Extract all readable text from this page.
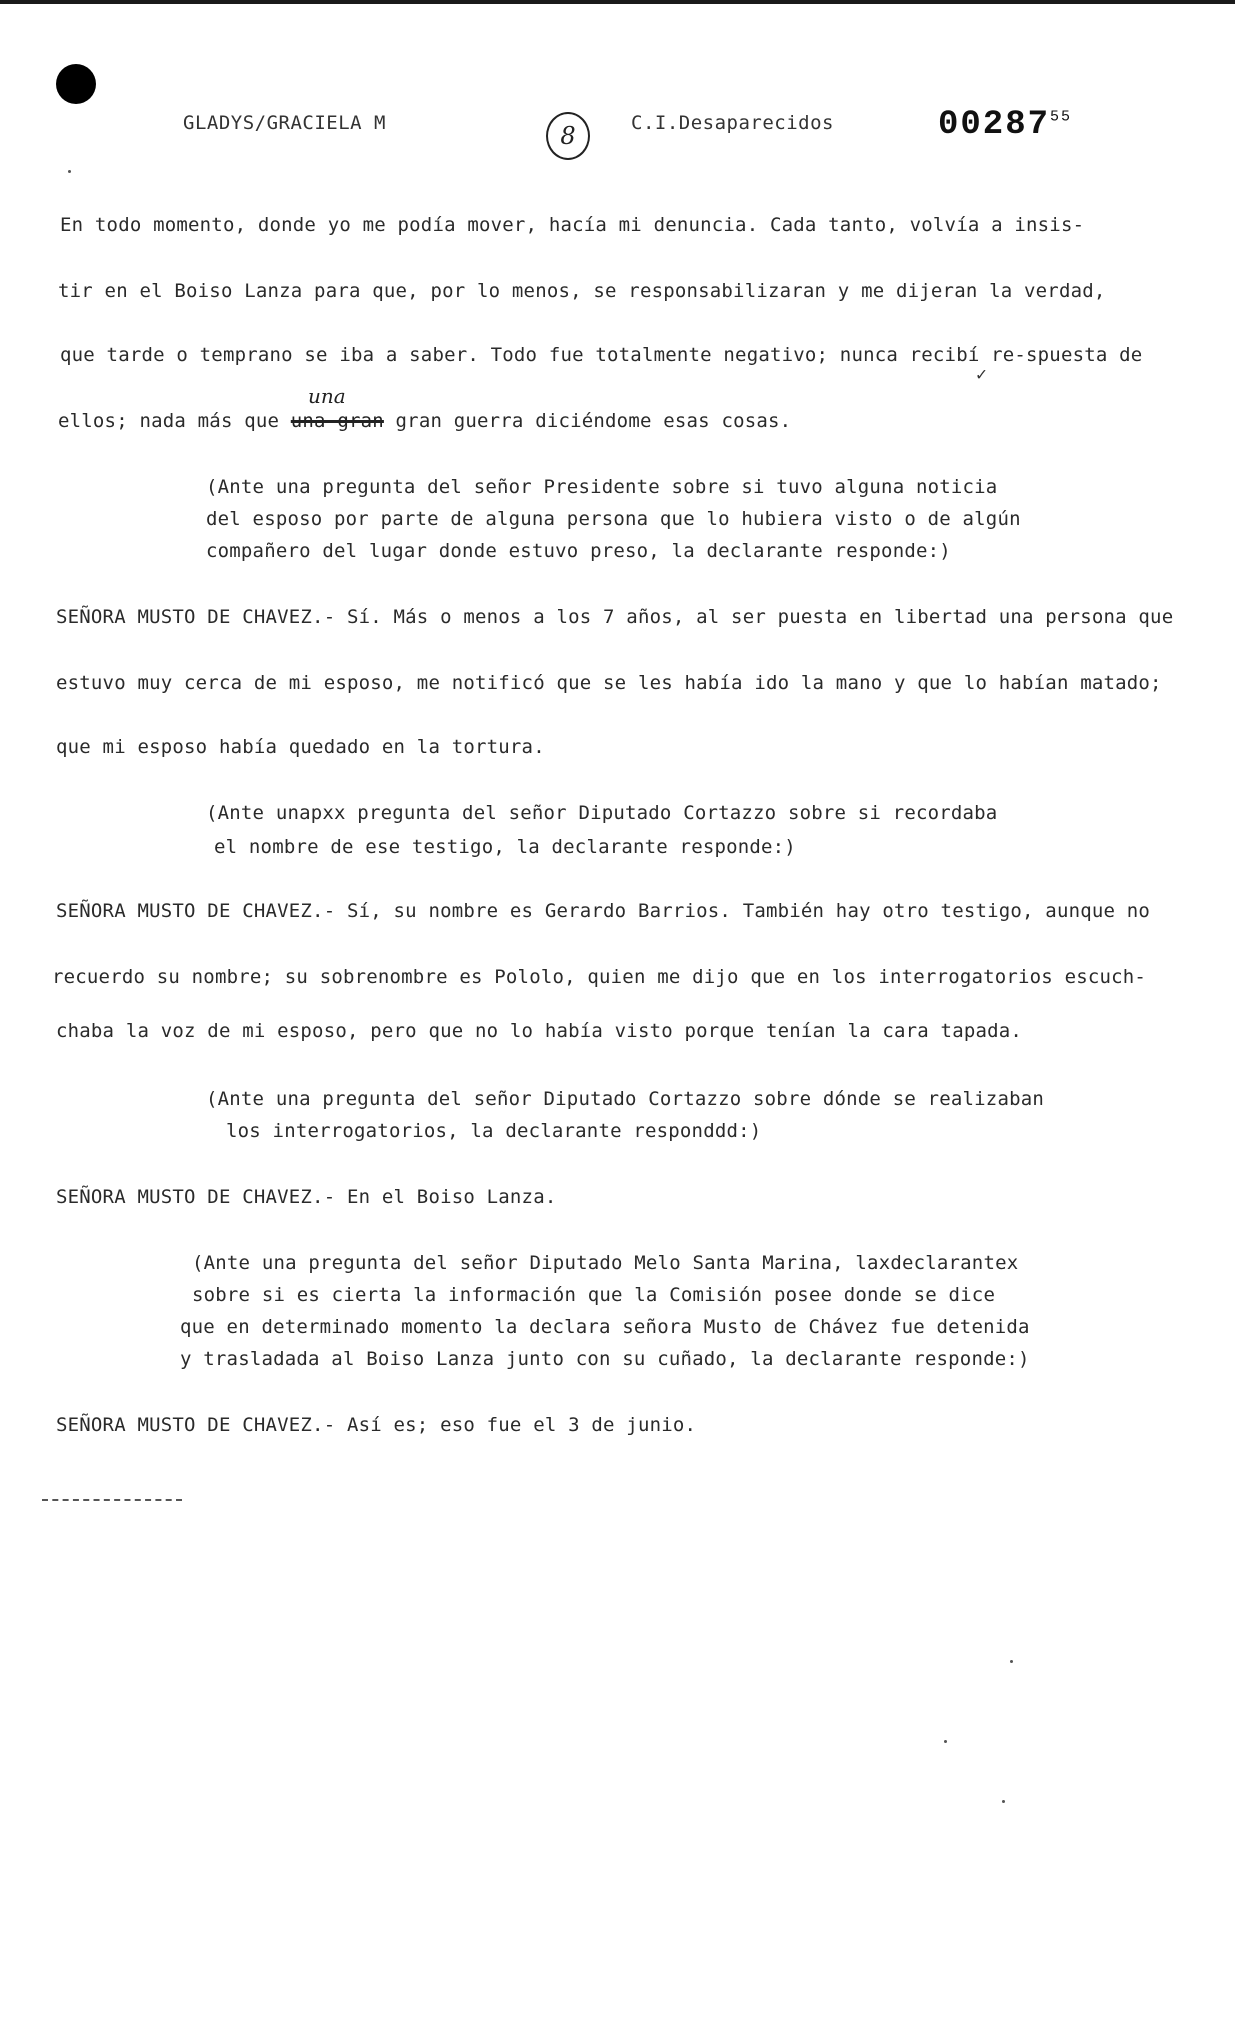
GLADYS/GRACIELA M	8	C.I.Desaparecidos	00287$^{55}$
En todo momento, donde yo me podía mover, hacía mi denuncia. Cada tanto, volvía a insis-
tir en el Boiso Lanza para que, por lo menos, se responsabilizaran y me dijeran la verdad,
que tarde o temprano se iba a saber. Todo fue totalmente negativo; nunca recibí re-spuesta de
✓
una
ellos; nada más que una gran gran guerra diciéndome esas cosas.
(Ante una pregunta del señor Presidente sobre si tuvo alguna noticia
del esposo por parte de alguna persona que lo hubiera visto o de algún
compañero del lugar donde estuvo preso, la declarante responde:)
SEÑORA MUSTO DE CHAVEZ.- Sí. Más o menos a los 7 años, al ser puesta en libertad una persona que
estuvo muy cerca de mi esposo, me notificó que se les había ido la mano y que lo habían matado;
que mi esposo había quedado en la tortura.
(Ante unapxx pregunta del señor Diputado Cortazzo sobre si recordaba
el nombre de ese testigo, la declarante responde:)
SEÑORA MUSTO DE CHAVEZ.- Sí, su nombre es Gerardo Barrios. También hay otro testigo, aunque no
recuerdo su nombre; su sobrenombre es Pololo, quien me dijo que en los interrogatorios escuch-
chaba la voz de mi esposo, pero que no lo había visto porque tenían la cara tapada.
(Ante una pregunta del señor Diputado Cortazzo sobre dónde se realizaban
los interrogatorios, la declarante responddd:)
SEÑORA MUSTO DE CHAVEZ.- En el Boiso Lanza.
(Ante una pregunta del señor Diputado Melo Santa Marina, laxdeclarantex
sobre si es cierta la información que la Comisión posee donde se dice
que en determinado momento la declara señora Musto de Chávez fue detenida
y trasladada al Boiso Lanza junto con su cuñado, la declarante responde:)
SEÑORA MUSTO DE CHAVEZ.- Así es; eso fue el 3 de junio.
